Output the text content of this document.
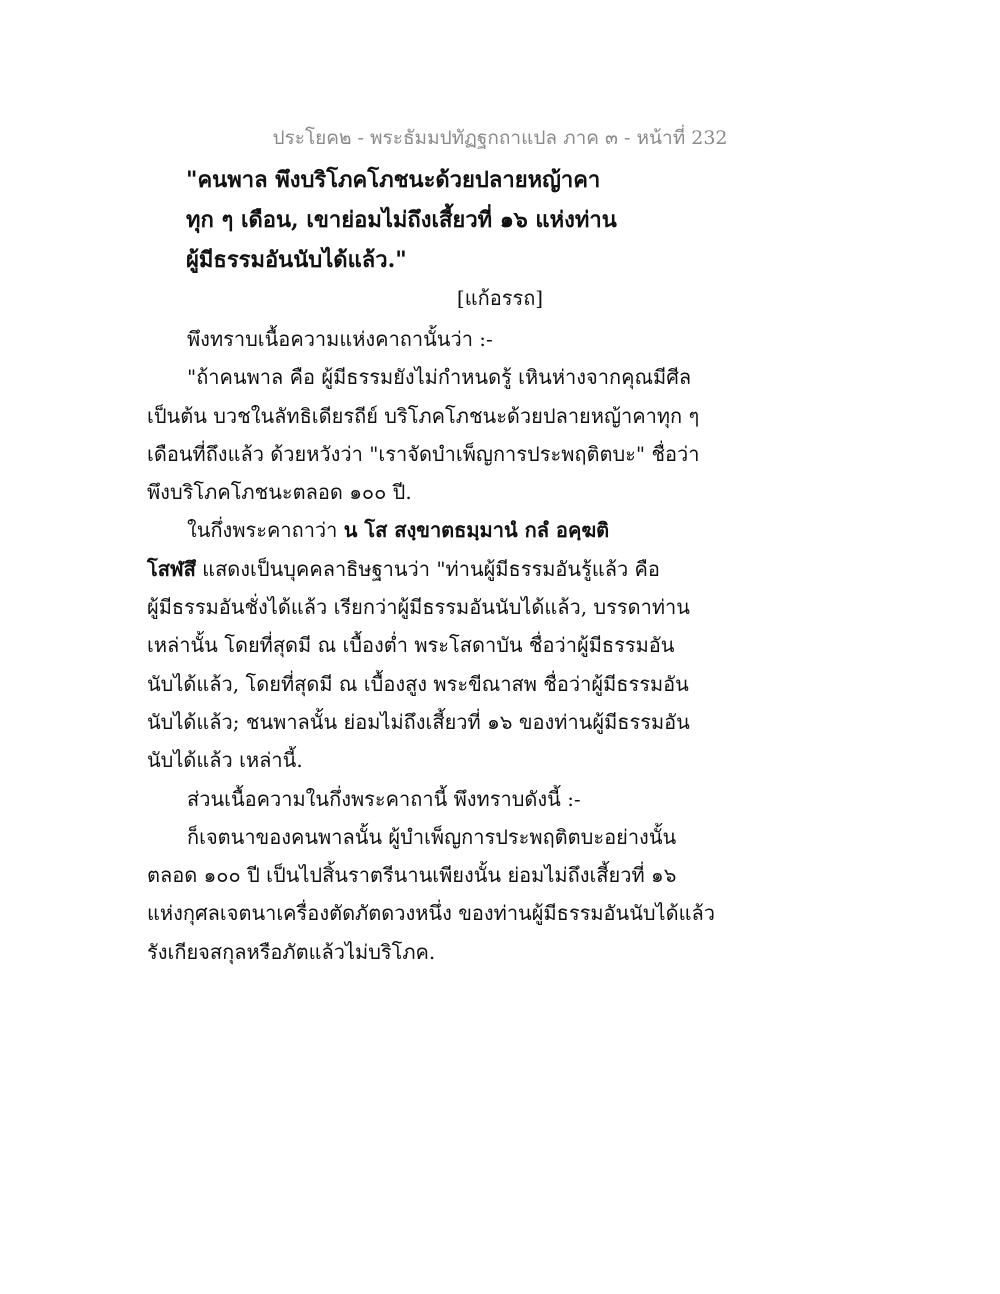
ประโยค๒ - พระธัมมปทัฏฐกถาแปล ภาค ๓ - หน้าที่ 232
"คนพาล พึงบริโภคโภชนะด้วยปลายหญ้าคา
ทุก ๆ เดือน, เขาย่อมไม่ถึงเสี้ยวที่ ๑๖ แห่งท่าน
ผู้มีธรรมอันนับได้แล้ว."
[แก้อรรถ]
พึงทราบเนื้อความแห่งคาถานั้นว่า :-
"ถ้าคนพาล คือ ผู้มีธรรมยังไม่กำหนดรู้ เหินห่างจากคุณมีศีล
เป็นต้น บวชในลัทธิเดียรถีย์ บริโภคโภชนะด้วยปลายหญ้าคาทุก ๆ
เดือนที่ถึงแล้ว ด้วยหวังว่า "เราจัดบำเพ็ญการประพฤติตบะ" ชื่อว่า
พึงบริโภคโภชนะตลอด ๑๐๐ ปี.
ในกึ่งพระคาถาว่า น โส สงฺขาตธมฺมานํ กลํ อคฺฆติ
โสฬสึ แสดงเป็นบุคคลาธิษฐานว่า "ท่านผู้มีธรรมอันรู้แล้ว คือ
ผู้มีธรรมอันชั่งได้แล้ว เรียกว่าผู้มีธรรมอันนับได้แล้ว, บรรดาท่าน
เหล่านั้น โดยที่สุดมี ณ เบื้องต่ำ พระโสดาบัน ชื่อว่าผู้มีธรรมอัน
นับได้แล้ว, โดยที่สุดมี ณ เบื้องสูง พระขีณาสพ ชื่อว่าผู้มีธรรมอัน
นับได้แล้ว; ชนพาลนั้น ย่อมไม่ถึงเสี้ยวที่ ๑๖ ของท่านผู้มีธรรมอัน
นับได้แล้ว เหล่านี้.
ส่วนเนื้อความในกึ่งพระคาถานี้ พึงทราบดังนี้ :-
ก็เจตนาของคนพาลนั้น ผู้บำเพ็ญการประพฤติตบะอย่างนั้น
ตลอด ๑๐๐ ปี เป็นไปสิ้นราตรีนานเพียงนั้น ย่อมไม่ถึงเสี้ยวที่ ๑๖
แห่งกุศลเจตนาเครื่องตัดภัตดวงหนึ่ง ของท่านผู้มีธรรมอันนับได้แล้ว
รังเกียจสกุลหรือภัตแล้วไม่บริโภค.
